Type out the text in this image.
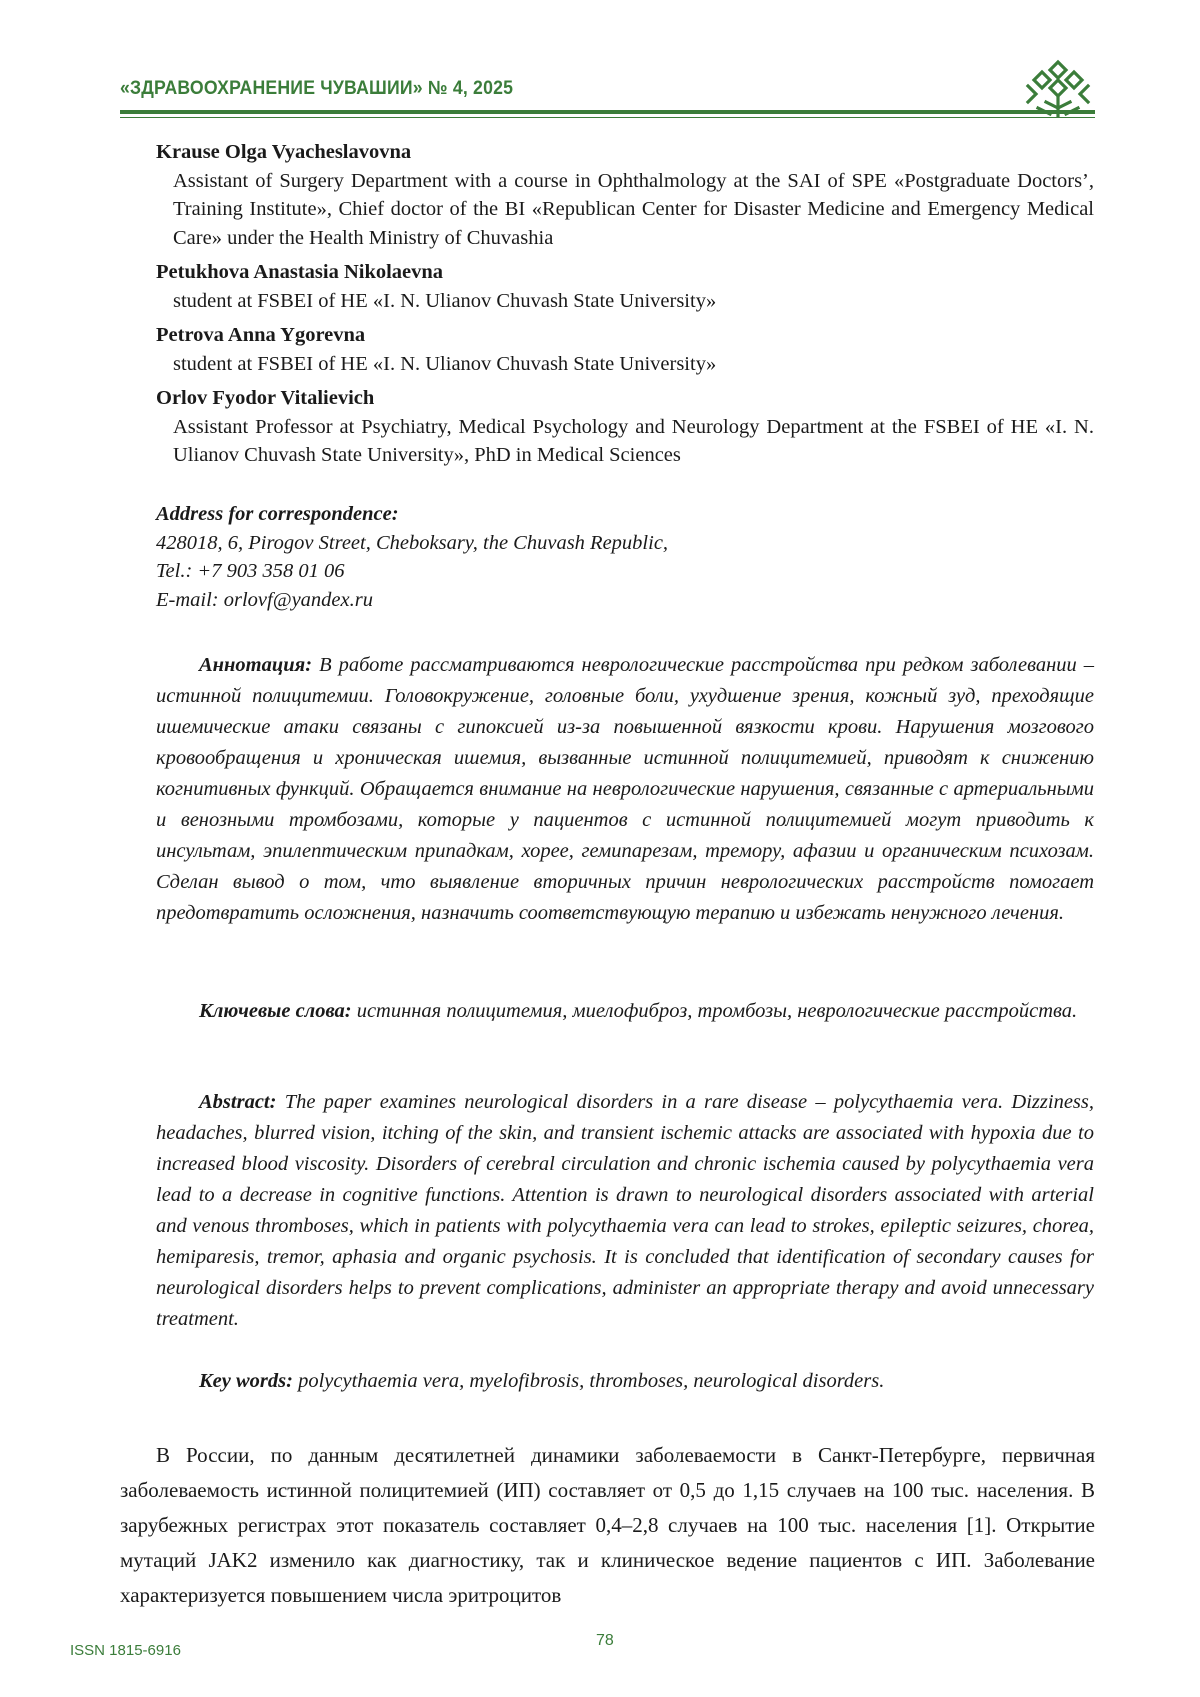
«ЗДРАВООХРАНЕНИЕ ЧУВАШИИ» № 4, 2025
Krause Olga Vyacheslavovna
Assistant of Surgery Department with a course in Ophthalmology at the SAI of SPE «Postgraduate Doctors’, Training Institute», Chief doctor of the BI «Republican Center for Disaster Medicine and Emergency Medical Care» under the Health Ministry of Chuvashia
Petukhova Anastasia Nikolaevna
student at FSBEI of HE «I. N. Ulianov Chuvash State University»
Petrova Anna Ygorevna
student at FSBEI of HE «I. N. Ulianov Chuvash State University»
Orlov Fyodor Vitalievich
Assistant Professor at Psychiatry, Medical Psychology and Neurology Department at the FSBEI of HE «I. N. Ulianov Chuvash State University», PhD in Medical Sciences
Address for correspondence:
428018, 6, Pirogov Street, Cheboksary, the Chuvash Republic,
Tel.: +7 903 358 01 06
E-mail: orlovf@yandex.ru
Аннотация: В работе рассматриваются неврологические расстройства при редком заболевании – истинной полицитемии. Головокружение, головные боли, ухудшение зрения, кожный зуд, преходящие ишемические атаки связаны с гипоксией из-за повышенной вязкости крови. Нарушения мозгового кровообращения и хроническая ишемия, вызванные истинной полицитемией, приводят к снижению когнитивных функций. Обращается внимание на неврологические нарушения, связанные с артериальными и венозными тромбозами, которые у пациентов с истинной полицитемией могут приводить к инсультам, эпилептическим припадкам, хорее, гемипарезам, тремору, афазии и органическим психозам. Сделан вывод о том, что выявление вторичных причин неврологических расстройств помогает предотвратить осложнения, назначить соответствующую терапию и избежать ненужного лечения.
Ключевые слова: истинная полицитемия, миелофиброз, тромбозы, неврологические расстройства.
Abstract: The paper examines neurological disorders in a rare disease – polycythaemia vera. Dizziness, headaches, blurred vision, itching of the skin, and transient ischemic attacks are associated with hypoxia due to increased blood viscosity. Disorders of cerebral circulation and chronic ischemia caused by polycythaemia vera lead to a decrease in cognitive functions. Attention is drawn to neurological disorders associated with arterial and venous thromboses, which in patients with polycythaemia vera can lead to strokes, epileptic seizures, chorea, hemiparesis, tremor, aphasia and organic psychosis. It is concluded that identification of secondary causes for neurological disorders helps to prevent complications, administer an appropriate therapy and avoid unnecessary treatment.
Key words: polycythaemia vera, myelofibrosis, thromboses, neurological disorders.
В России, по данным десятилетней динамики заболеваемости в Санкт-Петербурге, первичная заболеваемость истинной полицитемией (ИП) составляет от 0,5 до 1,15 случаев на 100 тыс. населения. В зарубежных регистрах этот показатель составляет 0,4–2,8 случаев на 100 тыс. населения [1]. Открытие мутаций JAK2 изменило как диагностику, так и клиническое ведение пациентов с ИП. Заболевание характеризуется повышением числа эритроцитов
ISSN 1815-6916
78
